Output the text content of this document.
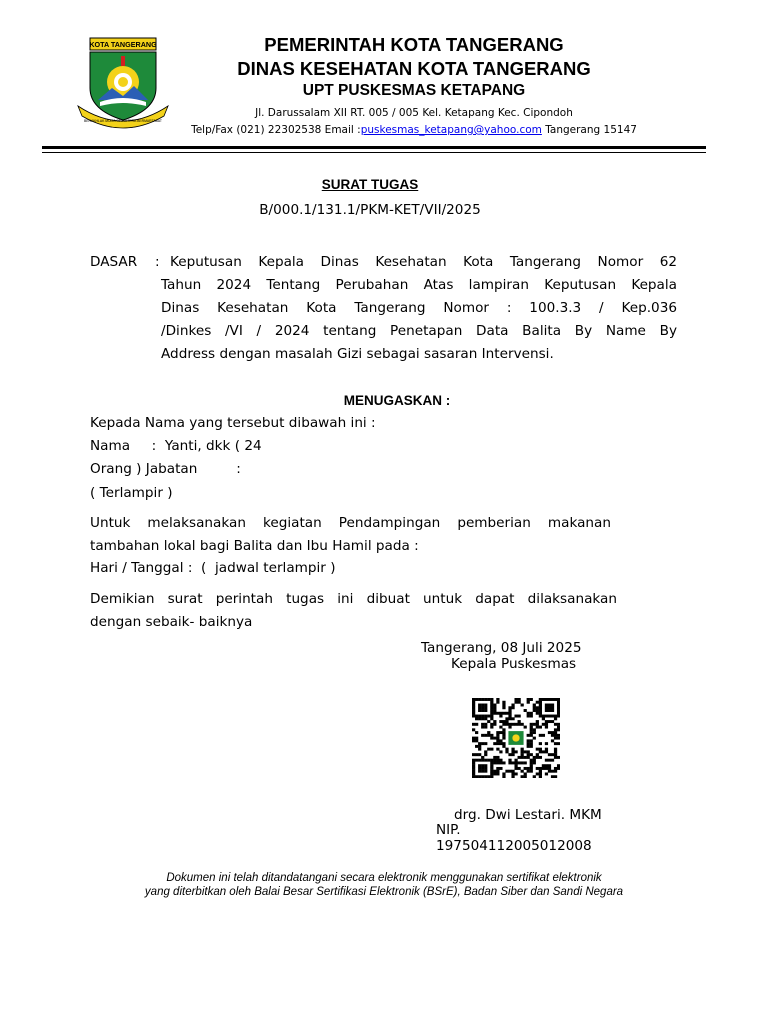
KOTA TANGERANG
BERAKHLAK MULIA SEJAHTERA BERMARTABAT
PEMERINTAH KOTA TANGERANG
DINAS KESEHATAN KOTA TANGERANG
UPT PUSKESMAS KETAPANG
Jl. Darussalam XII RT. 005 / 005 Kel. Ketapang Kec. Cipondoh
Telp/Fax (021) 22302538 Email :puskesmas_ketapang@yahoo.com Tangerang 15147
SURAT TUGAS
B/000.1/131.1/PKM-KET/VII/2025
DASAR : Keputusan Kepala Dinas Kesehatan Kota Tangerang Nomor 62
Tahun 2024 Tentang Perubahan Atas lampiran Keputusan Kepala
Dinas Kesehatan Kota Tangerang Nomor : 100.3.3 / Kep.036
/Dinkes /VI / 2024 tentang Penetapan Data Balita By Name By
Address dengan masalah Gizi sebagai sasaran Intervensi.
MENUGASKAN :
Kepada Nama yang tersebut dibawah ini :
Nama     :  Yanti, dkk ( 24
Orang ) Jabatan         :
( Terlampir )
Untuk melaksanakan kegiatan Pendampingan pemberian makanan
tambahan lokal bagi Balita dan Ibu Hamil pada :
Hari / Tanggal :  (  jadwal terlampir )
Demikian surat perintah tugas ini dibuat untuk dapat dilaksanakan
dengan sebaik- baiknya
Tangerang, 08 Juli 2025
Kepala Puskesmas
drg. Dwi Lestari. MKM
NIP.
197504112005012008
Dokumen ini telah ditandatangani secara elektronik menggunakan sertifikat elektronik
yang diterbitkan oleh Balai Besar Sertifikasi Elektronik (BSrE), Badan Siber dan Sandi Negara
